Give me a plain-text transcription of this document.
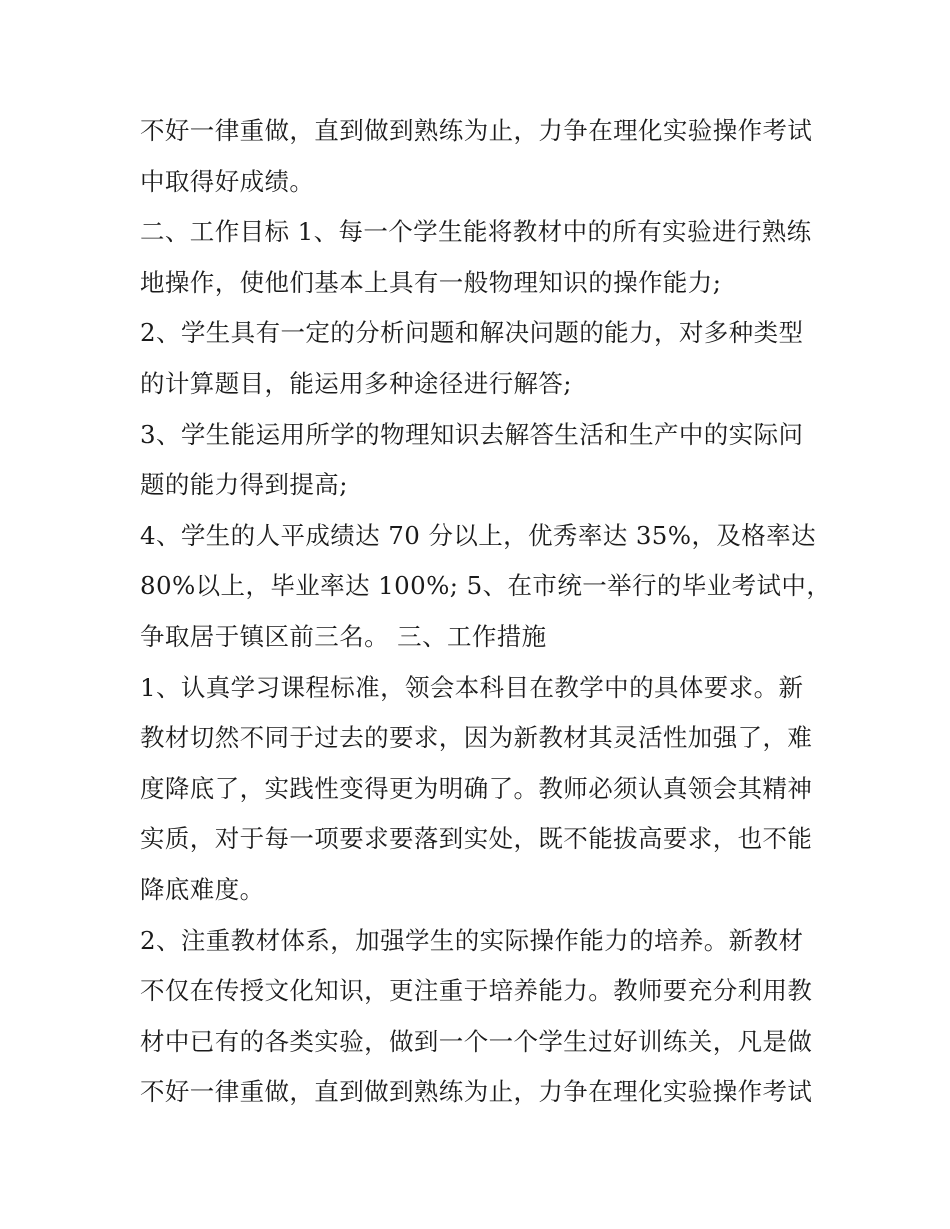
不好一律重做，直到做到熟练为止，力争在理化实验操作考试
中取得好成绩。
二、工作目标 1、每一个学生能将教材中的所有实验进行熟练
地操作，使他们基本上具有一般物理知识的操作能力;
2、学生具有一定的分析问题和解决问题的能力，对多种类型
的计算题目，能运用多种途径进行解答;
3、学生能运用所学的物理知识去解答生活和生产中的实际问
题的能力得到提高;
4、学生的人平成绩达 70 分以上，优秀率达 35%，及格率达
80%以上，毕业率达 100%; 5、在市统一举行的毕业考试中，
争取居于镇区前三名。 三、工作措施
1、认真学习课程标准，领会本科目在教学中的具体要求。新
教材切然不同于过去的要求，因为新教材其灵活性加强了，难
度降底了，实践性变得更为明确了。教师必须认真领会其精神
实质，对于每一项要求要落到实处，既不能拔高要求，也不能
降底难度。
2、注重教材体系，加强学生的实际操作能力的培养。新教材
不仅在传授文化知识，更注重于培养能力。教师要充分利用教
材中已有的各类实验，做到一个一个学生过好训练关，凡是做
不好一律重做，直到做到熟练为止，力争在理化实验操作考试
